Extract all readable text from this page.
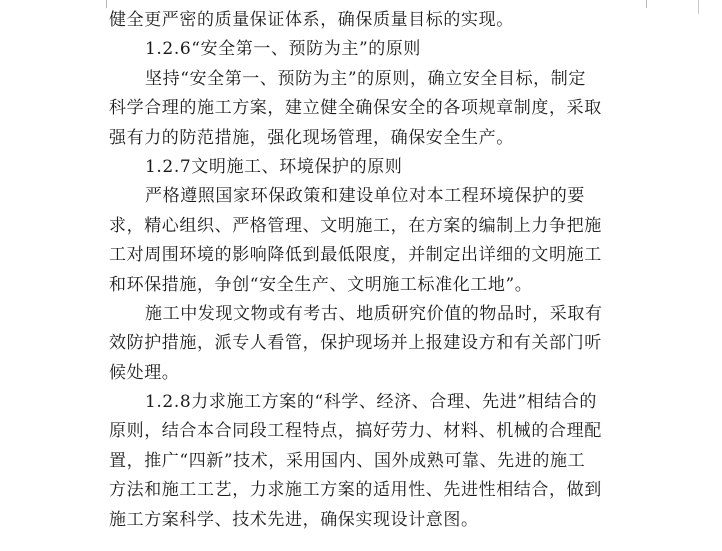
健全更严密的质量保证体系，确保质量目标的实现。
1.2.6“安全第一、预防为主”的原则
坚持“安全第一、预防为主”的原则，确立安全目标，制定
科学合理的施工方案，建立健全确保安全的各项规章制度，采取
强有力的防范措施，强化现场管理，确保安全生产。
1.2.7文明施工、环境保护的原则
严格遵照国家环保政策和建设单位对本工程环境保护的要
求，精心组织、严格管理、文明施工，在方案的编制上力争把施
工对周围环境的影响降低到最低限度，并制定出详细的文明施工
和环保措施，争创“安全生产、文明施工标准化工地”。
施工中发现文物或有考古、地质研究价值的物品时，采取有
效防护措施，派专人看管，保护现场并上报建设方和有关部门听
候处理。
1.2.8力求施工方案的“科学、经济、合理、先进”相结合的
原则，结合本合同段工程特点，搞好劳力、材料、机械的合理配
置，推广“四新”技术，采用国内、国外成熟可靠、先进的施工
方法和施工工艺，力求施工方案的适用性、先进性相结合，做到
施工方案科学、技术先进，确保实现设计意图。
